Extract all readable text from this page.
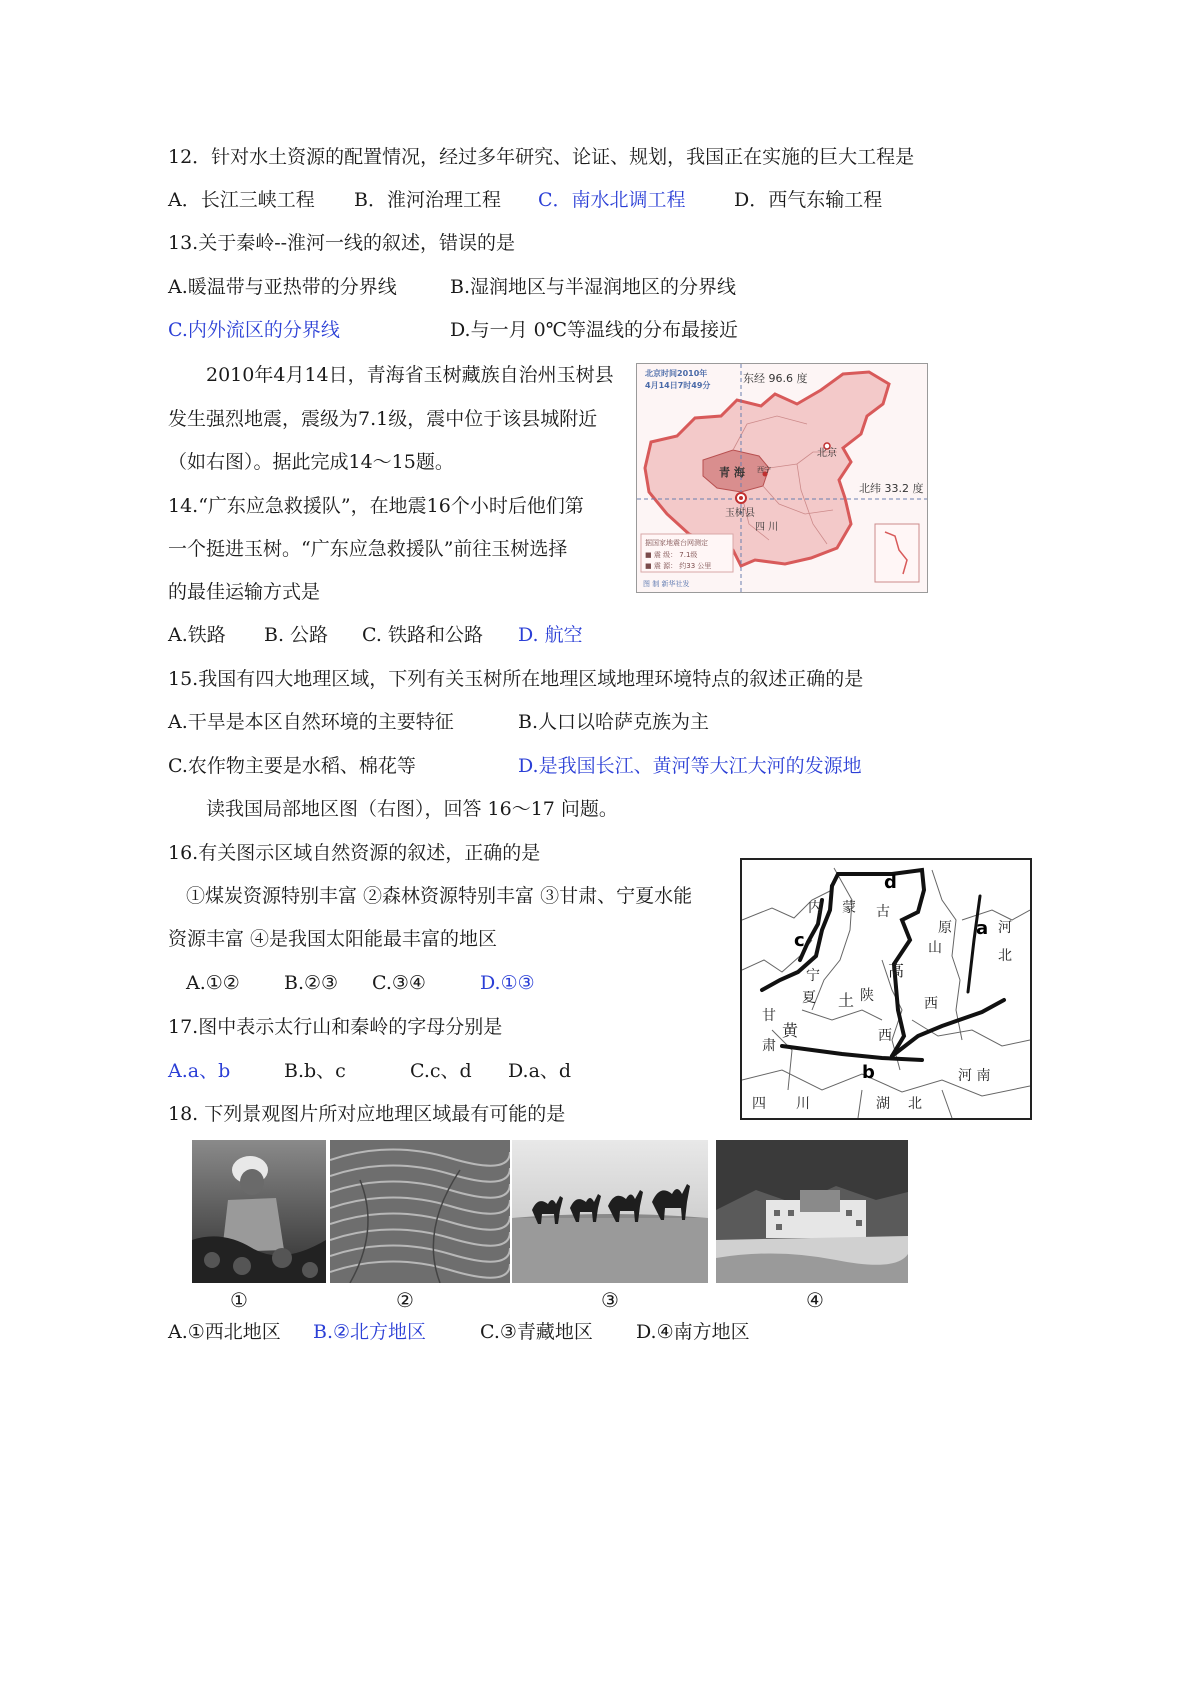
12．针对水土资源的配置情况，经过多年研究、论证、规划，我国正在实施的巨大工程是
A．长江三峡工程 B．淮河治理工程 C．南水北调工程	D．西气东输工程
13.关于秦岭--淮河一线的叙述，错误的是
A.暖温带与亚热带的分界线	B.湿润地区与半湿润地区的分界线
C.内外流区的分界线	D.与一月 0℃等温线的分布最接近
2010年4月14日，青海省玉树藏族自治州玉树县
发生强烈地震，震级为7.1级，震中位于该县城附近
（如右图）。据此完成14～15题。
14.“广东应急救援队”，在地震16个小时后他们第
一个挺进玉树。“广东应急救援队”前往玉树选择
的最佳运输方式是
A.铁路 B. 公路 C. 铁路和公路 D. 航空
据国家地震台网测定
■ 震 级： 7.1级
■ 震 源： 约33 公里
图 制 新华社发
北京时间2010年
4月14日7时49分
东经 96.6 度
北纬 33.2 度
北京
青 海 西宁
玉树县
四 川
15.我国有四大地理区域，下列有关玉树所在地理区域地理环境特点的叙述正确的是
A.干旱是本区自然环境的主要特征	B.人口以哈萨克族为主
C.农作物主要是水稻、棉花等	D.是我国长江、黄河等大江大河的发源地
读我国局部地区图（右图），回答 16～17 问题。
16.有关图示区域自然资源的叙述，正确的是
①煤炭资源特别丰富 ②森林资源特别丰富 ③甘肃、宁夏水能
资源丰富 ④是我国太阳能最丰富的地区
A.①② B.②③ C.③④	D.①③
17.图中表示太行山和秦岭的字母分别是
A.a、b	B.b、c	C.c、d D.a、d
d
a
c
b
内 蒙 古
河
北
山
原
高
西
宁
夏 土 陕
西
甘
黄
肃
河 南
四 川	湖 北
18. 下列景观图片所对应地理区域最有可能的是
①	②	③	④
A.①西北地区 B.②北方地区	C.③青藏地区 D.④南方地区
